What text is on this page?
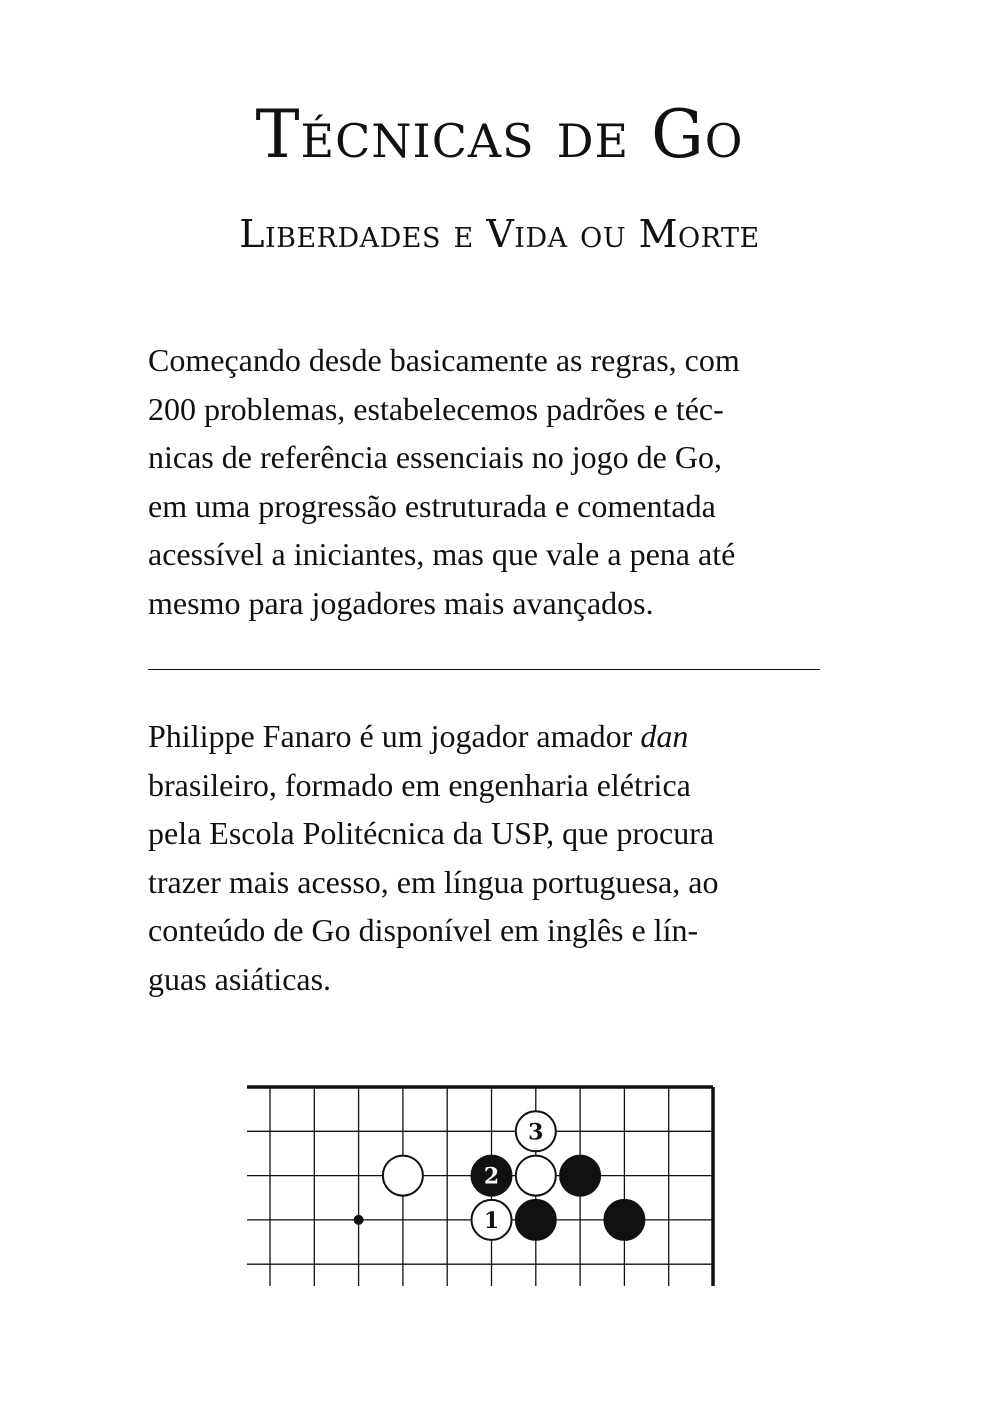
Técnicas de Go
Liberdades e Vida ou Morte

Começando desde basicamente as regras, com
200 problemas, estabelecemos padrões e téc-
nicas de referência essenciais no jogo de Go,
em uma progressão estruturada e comentada
acessível a iniciantes, mas que vale a pena até
mesmo para jogadores mais avançados.

Philippe Fanaro é um jogador amador dan
brasileiro, formado em engenharia elétrica
pela Escola Politécnica da USP, que procura
trazer mais acesso, em língua portuguesa, ao
conteúdo de Go disponível em inglês e lín-
guas asiáticas.

2
3
1
